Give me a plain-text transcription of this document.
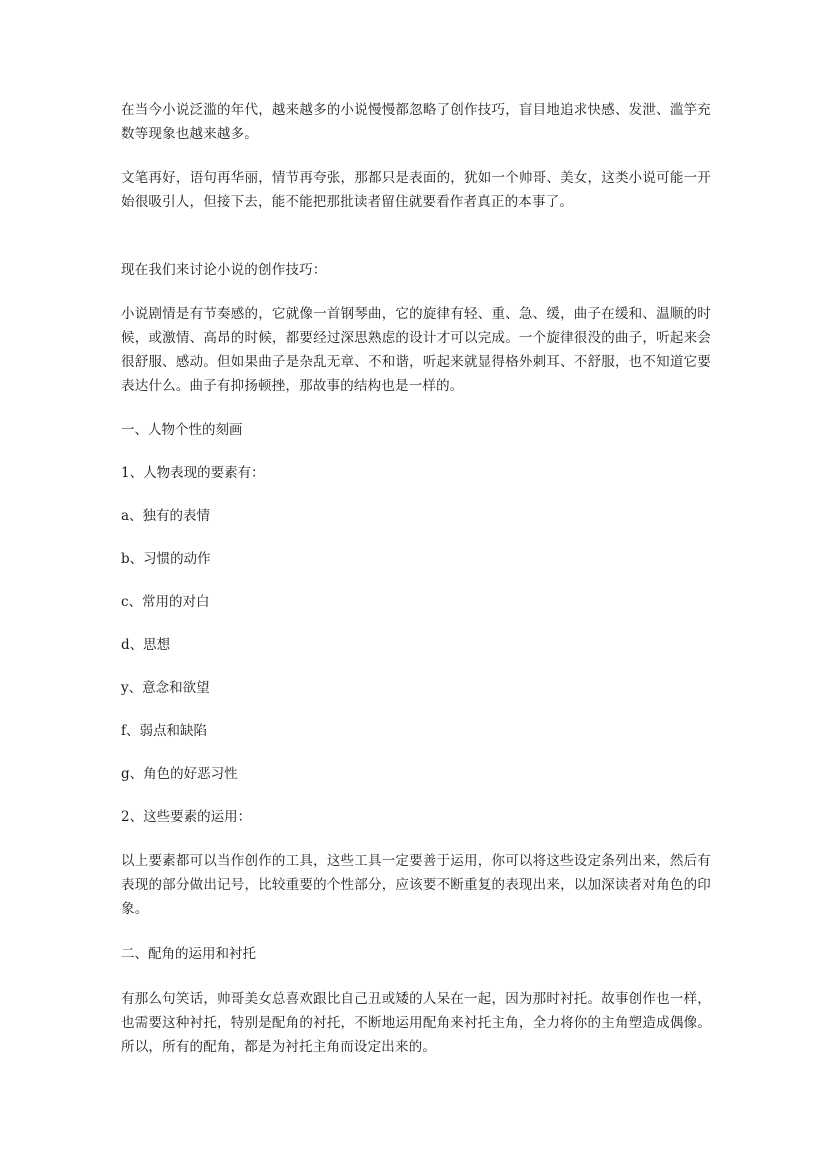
在当今小说泛滥的年代，越来越多的小说慢慢都忽略了创作技巧，盲目地追求快感、发泄、滥竽充数等现象也越来越多。

文笔再好，语句再华丽，情节再夸张，那都只是表面的，犹如一个帅哥、美女，这类小说可能一开始很吸引人，但接下去，能不能把那批读者留住就要看作者真正的本事了。

现在我们来讨论小说的创作技巧：

小说剧情是有节奏感的，它就像一首钢琴曲，它的旋律有轻、重、急、缓，曲子在缓和、温顺的时候，或激情、高昂的时候，都要经过深思熟虑的设计才可以完成。一个旋律很没的曲子，听起来会很舒服、感动。但如果曲子是杂乱无章、不和谐，听起来就显得格外刺耳、不舒服，也不知道它要表达什么。曲子有抑扬顿挫，那故事的结构也是一样的。

一、人物个性的刻画

1、人物表现的要素有：

a、独有的表情

b、习惯的动作

c、常用的对白

d、思想

y、意念和欲望

f、弱点和缺陷

g、角色的好恶习性

2、这些要素的运用：

以上要素都可以当作创作的工具，这些工具一定要善于运用，你可以将这些设定条列出来，然后有表现的部分做出记号，比较重要的个性部分，应该要不断重复的表现出来，以加深读者对角色的印象。

二、配角的运用和衬托

有那么句笑话，帅哥美女总喜欢跟比自己丑或矮的人呆在一起，因为那时衬托。故事创作也一样，也需要这种衬托，特别是配角的衬托，不断地运用配角来衬托主角，全力将你的主角塑造成偶像。所以，所有的配角，都是为衬托主角而设定出来的。
